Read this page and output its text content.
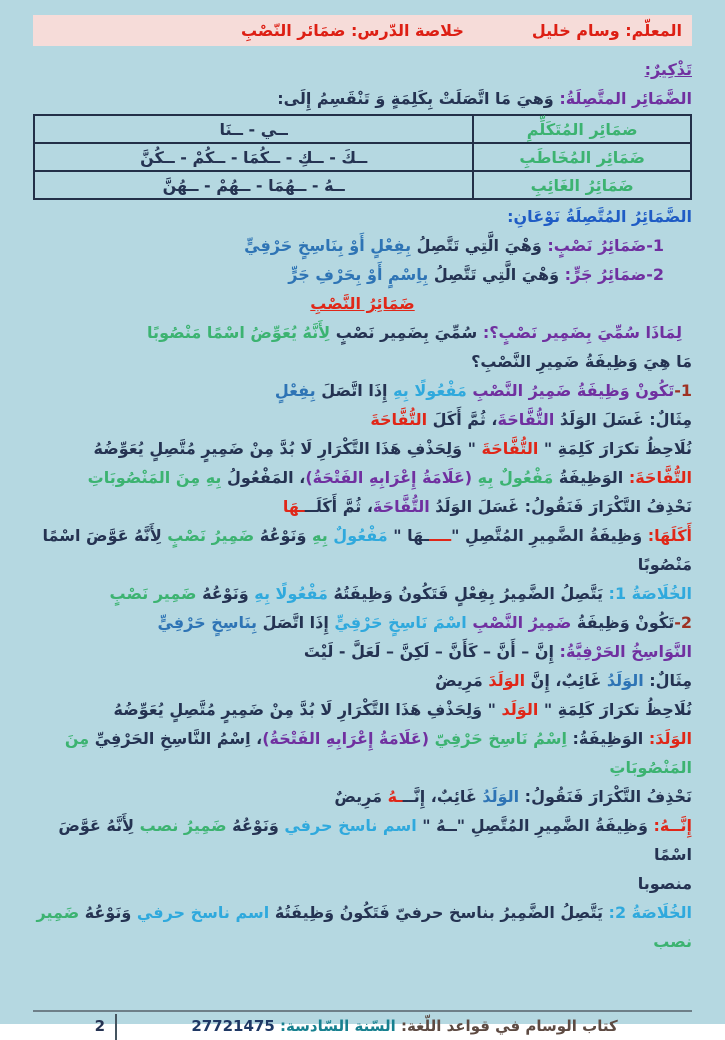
المعلّم: وسام خليل
خلاصة الدّرس: ضمَائر النّصْبِ
تَذْكِيرٌ:
الضَّمَائِر المتَّصِلَةُ: وَهيَ مَا اتَّصَلَتْ بِكَلِمَةٍ وَ تَنْقَسِمُ إِلَى:
ضمَائِر المُتَكَلِّمِ	ــي - ــنَا
ضَمَائِر المُخَاطَبِ	ــكَ - ــكِ - ــكُمَا - ــكُمْ - ــكُنَّ
ضَمَائِرُ الغَائِبِ	ــهُ - ــهُمَا - ــهُمْ - ــهُنَّ
الضَّمَائِرُ المُتَّصِلَةُ نَوْعَانِ:
1-ضَمَائِرُ نَصْبٍ: وَهْيَ الَّتِي تَتَّصِلُ بِفِعْلٍ أَوْ بِنَاسِخٍ حَرْفِيٍّ
2-ضمَائِرُ جَرٍّ: وَهْيَ الَّتِي تَتَّصِلُ بِاِسْمٍ أَوْ بِحَرْفِ جَرٍّ
ضَمَائِرُ النَّصْبِ
لِمَاذَا سُمِّيَ بِضَمِير نَصْبٍ؟: سُمِّيَ بِضَمِير نَصْبٍ لِأَنَّهُ يُعَوِّضُ اسْمًا مَنْصُوبًا
مَا هِيَ وَظِيفَةُ ضَمِيرِ النَّصْبِ؟
1-تَكُونْ وَظِيفَةُ ضَمِيرُ النَّصْبِ مَفْعُولًا بِهِ إِذَا اتَّصَلَ بِفِعْلٍ
مِثَالٌ: غَسَلَ الوَلَدُ التُّفَّاحَةَ، ثُمَّ أَكَلَ التُّفَّاحَةَ
نُلَاحِظُ تكرَارَ كَلِمَةِ " التُّفَّاحَةَ " وَلِحَذْفِ هَذَا التَّكْرَارِ لَا بُدَّ مِنْ ضَمِيرٍ مُتَّصِلٍ يُعَوِّضُهُ
التُّفَّاحَةَ: الوَظِيفَةُ مَفْعُولٌ بِهِ (عَلَامَةُ إِعْرَابِهِ الفَتْحَةُ)، المَفْعُولُ بِهِ مِنَ المَنْصُوبَاتِ
نَحْذِفُ التَّكْرَارَ فَنَقُولُ: غَسَلَ الوَلَدُ التُّفَّاحَةَ، ثُمَّ أَكَلَـــهَا
أَكَلَهَا: وَظِيفَةُ الضَّمِيرِ المُتَّصِلِ "ـــــهَا " مَفْعُولٌ بِهِ وَنَوْعُهُ ضَمِيرُ نَصْبٍ لِأَنَّهُ عَوَّضَ اسْمًا
مَنْصُوبًا
الخُلَاصَةُ 1: يَتَّصِلُ الضَّمِيرُ بِفِعْلٍ فَتَكُونُ وَظِيفَتُهُ مَفْعُولًا بِهِ وَنَوْعُهُ ضَمِير نَصْبٍ
2-تَكُونْ وَظِيفَةُ ضَمِيرُ النَّصْبِ اسْمَ نَاسِخٍ حَرْفِيٍّ إِذَا اتَّصَلَ بِنَاسِخٍ حَرْفِيٍّ
النَّوَاسِخُ الحَرْفِيَّةُ: إِنَّ – أَنَّ – كَأَنَّ – لَكِنَّ – لَعَلَّ - لَيْتَ
مِثَالٌ: الوَلَدُ غَائِبٌ، إِنَّ الوَلَدَ مَرِيضٌ
نُلَاحِظُ تكرَارَ كَلِمَةِ " الوَلَد " وَلِحَذْفِ هَذَا التَّكْرَارِ لَا بُدَّ مِنْ ضَمِيرٍ مُتَّصِلٍ يُعَوِّضُهُ
الوَلَدَ: الوَظِيفَةُ: اِسْمُ نَاسِخ حَرْفِيّ (عَلَامَةُ إِعْرَابِهِ الفَتْحَةُ)، اِسْمُ النَّاسِخِ الحَرْفِيِّ مِنَ المَنْصُوبَاتِ
نَحْذِفُ التَّكْرَارَ فَنَقُولُ: الوَلَدُ غَائِبٌ، إِنَّـــهُ مَرِيضٌ
إِنَّــهُ: وَظِيفَةُ الضَّمِيرِ المُتَّصِلِ "ــهُ " اسم ناسخ حرفي وَنَوْعُهُ ضَمِيرُ نصب لِأَنَّهُ عَوَّضَ اسْمًا
منصوبا
الخُلَاصَةُ 2: يَتَّصِلُ الضَّمِيرُ بناسخ حرفيّ فَتَكُونُ وَظِيفَتُهُ اسم ناسخ حرفي وَنَوْعُهُ ضَمِير نصب
2	كتاب الوسام في قواعد اللّغة: السّنة السّادسة: 27721475
